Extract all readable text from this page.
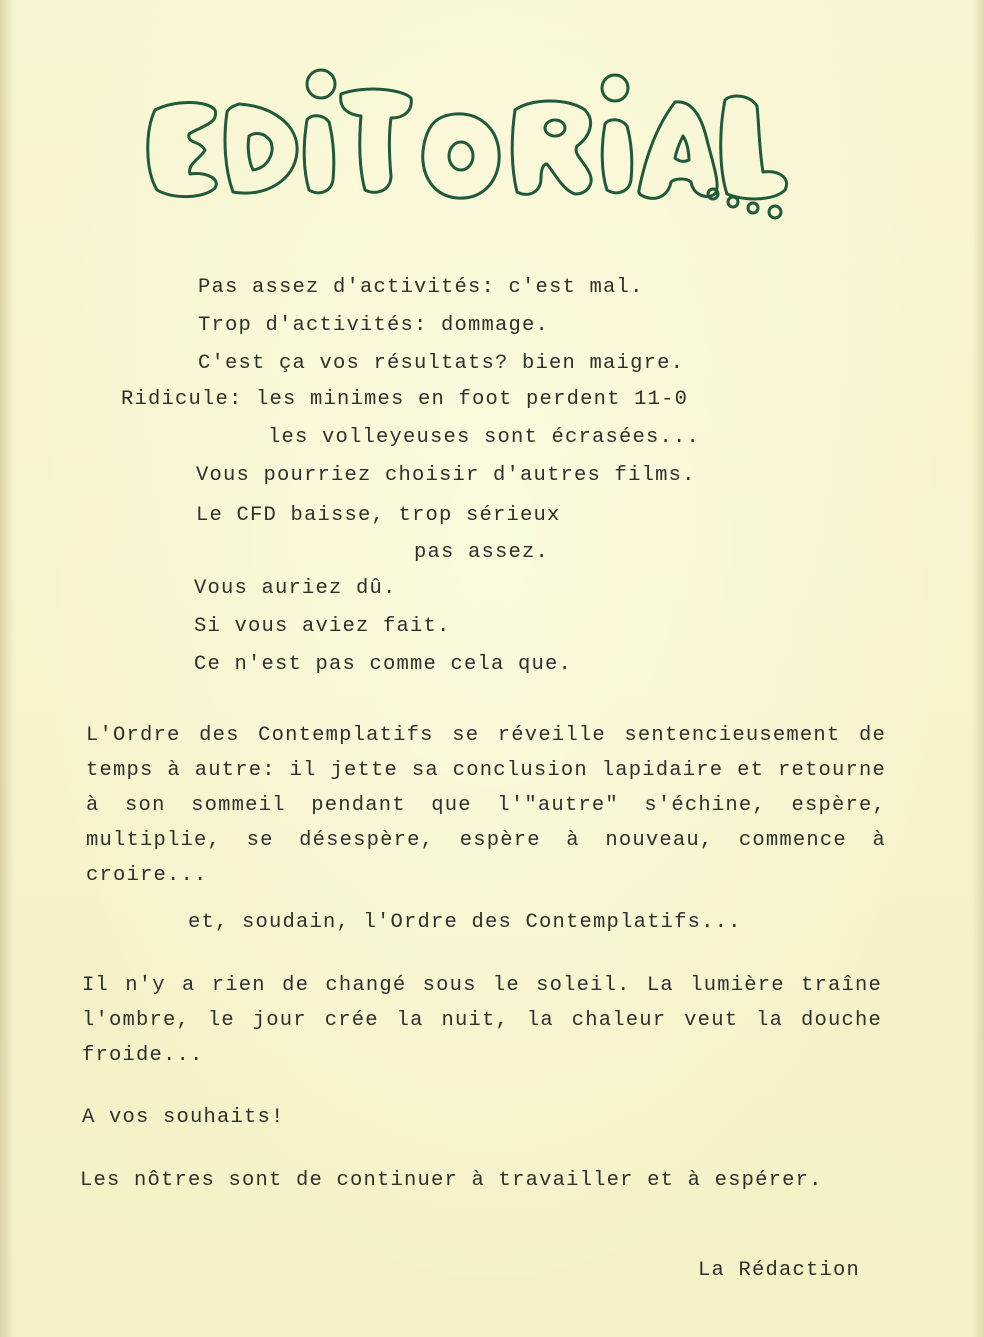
Pas assez d'activités: c'est mal.
Trop d'activités: dommage.
C'est ça vos résultats? bien maigre.
Ridicule: les minimes en foot perdent 11-0
les volleyeuses sont écrasées...
Vous pourriez choisir d'autres films.
Le CFD baisse, trop sérieux
pas assez.
Vous auriez dû.
Si vous aviez fait.
Ce n'est pas comme cela que.
L'Ordre des Contemplatifs se réveille sentencieusement de temps à autre: il jette sa conclusion lapidaire et retourne à son sommeil pendant que l'"autre" s'échine, espère, multiplie, se désespère, espère à nouveau, commence à croire...
et, soudain, l'Ordre des Contemplatifs...
Il n'y a rien de changé sous le soleil. La lumière traîne l'ombre, le jour crée la nuit, la chaleur veut la douche froide...
A vos souhaits!
Les nôtres sont de continuer à travailler et à espérer.
La Rédaction
